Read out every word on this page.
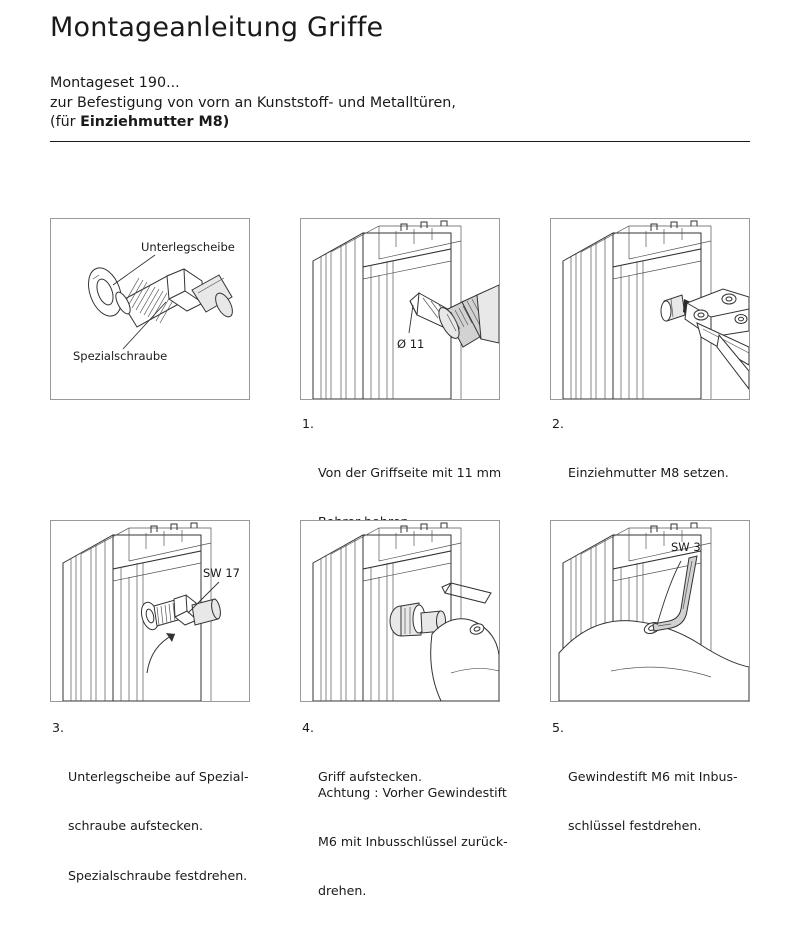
Montageanleitung Griffe
Montageset 190...
zur Befestigung von vorn an Kunststoff- und Metalltüren,
(für Einziehmutter M8)
Unterlegscheibe
Spezialschraube
Ø 11

1.

Von der Griffseite mit 11 mm

2.

Einziehmutter M8 setzen.

SW 17
SW 3

3.

Unterlegscheibe auf Spezial-

schraube aufstecken.

Spezialschraube festdrehen.

4.

Griff aufstecken.

Achtung : Vorher Gewindestift

M6 mit Inbusschlüssel zurück-

drehen.

5.

Gewindestift M6 mit Inbus-

schlüssel festdrehen.
